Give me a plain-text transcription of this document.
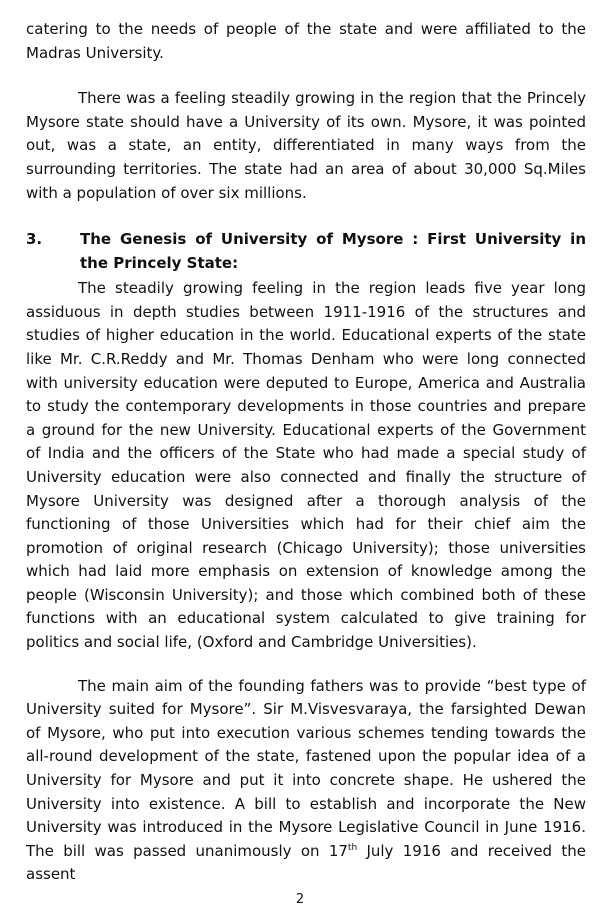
catering to the needs of people of the state and were affiliated to the Madras University.

There was a feeling steadily growing in the region that the Princely Mysore state should have a University of its own. Mysore, it was pointed out, was a state, an entity, differentiated in many ways from the surrounding territories. The state had an area of about 30,000 Sq.Miles with a population of over six millions.

3.	The Genesis of University of Mysore : First University in the Princely State:

The steadily growing feeling in the region leads five year long assiduous in depth studies between 1911-1916 of the structures and studies of higher education in the world. Educational experts of the state like Mr. C.R.Reddy and Mr. Thomas Denham who were long connected with university education were deputed to Europe, America and Australia to study the contemporary developments in those countries and prepare a ground for the new University. Educational experts of the Government of India and the officers of the State who had made a special study of University education were also connected and finally the structure of Mysore University was designed after a thorough analysis of the functioning of those Universities which had for their chief aim the promotion of original research (Chicago University); those universities which had laid more emphasis on extension of knowledge among the people (Wisconsin University); and those which combined both of these functions with an educational system calculated to give training for politics and social life, (Oxford and Cambridge Universities).

The main aim of the founding fathers was to provide “best type of University suited for Mysore”. Sir M.Visvesvaraya, the farsighted Dewan of Mysore, who put into execution various schemes tending towards the all-round development of the state, fastened upon the popular idea of a University for Mysore and put it into concrete shape. He ushered the University into existence. A bill to establish and incorporate the New University was introduced in the Mysore Legislative Council in June 1916. The bill was passed unanimously on 17th July 1916 and received the assent

2
